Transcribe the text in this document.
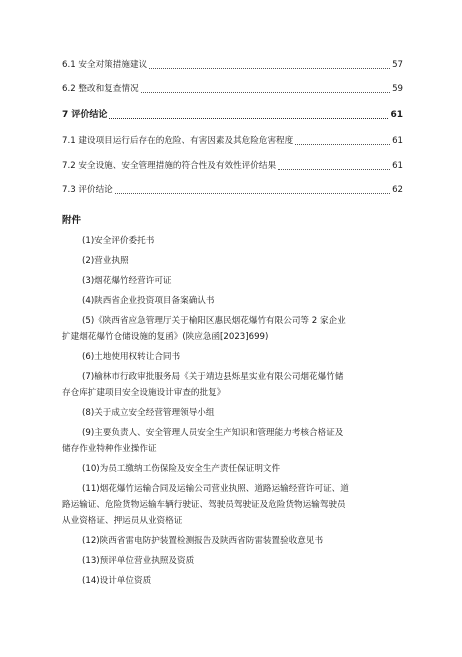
6.1 安全对策措施建议	57
6.2 整改和复查情况	59
7 评价结论	61
7.1 建设项目运行后存在的危险、有害因素及其危险危害程度	61
7.2 安全设施、安全管理措施的符合性及有效性评价结果	61
7.3 评价结论	62
附件
(1)安全评价委托书
(2)营业执照
(3)烟花爆竹经营许可证
(4)陕西省企业投资项目备案确认书
(5)《陕西省应急管理厅关于榆阳区惠民烟花爆竹有限公司等 2 家企业
扩建烟花爆竹仓储设施的复函》(陕应急函[2023]699)
(6)土地使用权转让合同书
(7)榆林市行政审批服务局《关于靖边县烁星实业有限公司烟花爆竹储
存仓库扩建项目安全设施设计审查的批复》
(8)关于成立安全经营管理领导小组
(9)主要负责人、安全管理人员安全生产知识和管理能力考核合格证及
储存作业特种作业操作证
(10)为员工缴纳工伤保险及安全生产责任保证明文件
(11)烟花爆竹运输合同及运输公司营业执照、道路运输经营许可证、道
路运输证、危险货物运输车辆行驶证、驾驶员驾驶证及危险货物运输驾驶员
从业资格证、押运员从业资格证
(12)陕西省雷电防护装置检测报告及陕西省防雷装置验收意见书
(13)预评单位营业执照及资质
(14)设计单位资质
